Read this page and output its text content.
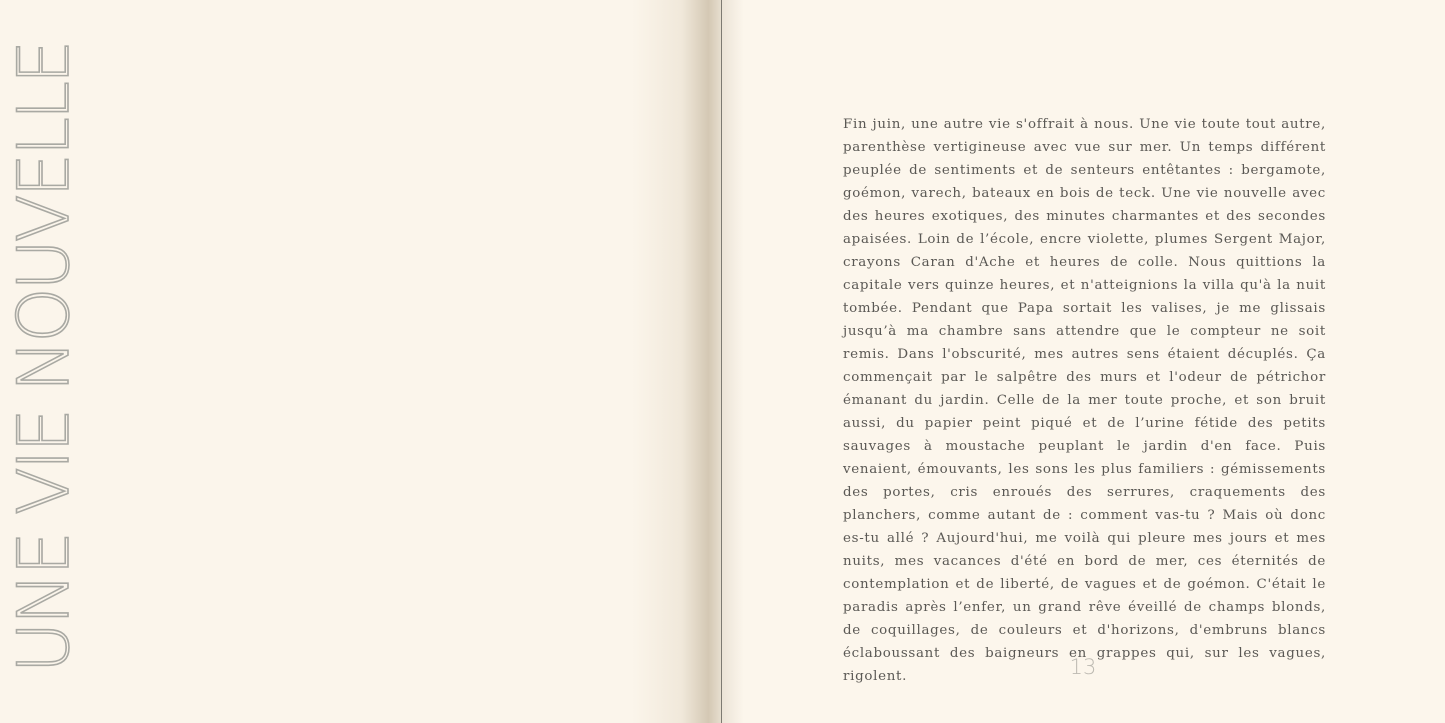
UNE VIE NOUVELLE	Fin juin, une autre vie s'offrait à nous. Une vie toute tout autre, parenthèse vertigineuse avec vue sur mer. Un temps différent peuplée de sentiments et de senteurs entêtantes : bergamote, goémon, varech, bateaux en bois de teck. Une vie nouvelle avec des heures exotiques, des minutes charmantes et des secondes apaisées. Loin de l’école, encre violette, plumes Sergent Major, crayons Caran d'Ache et heures de colle. Nous quittions la capitale vers quinze heures, et n'atteignions la villa qu'à la nuit tombée. Pendant que Papa sortait les valises, je me glissais jusqu’à ma chambre sans attendre que le compteur ne soit remis. Dans l'obscurité, mes autres sens étaient décuplés. Ça commençait par le salpêtre des murs et l'odeur de pétrichor émanant du jardin. Celle de la mer toute proche, et son bruit aussi, du papier peint piqué et de l’urine fétide des petits sauvages à moustache peuplant le jardin d'en face. Puis venaient, émouvants, les sons les plus familiers : gémissements des portes, cris enroués des serrures, craquements des planchers, comme autant de : comment vas-tu ? Mais où donc es-tu allé ? Aujourd'hui, me voilà qui pleure mes jours et mes nuits, mes vacances d'été en bord de mer, ces éternités de contemplation et de liberté, de vagues et de goémon. C'était le paradis après l’enfer, un grand rêve éveillé de champs blonds, de coquillages, de couleurs et d'horizons, d'embruns blancs éclaboussant des baigneurs en grappes qui, sur les vagues, rigolent.	13
